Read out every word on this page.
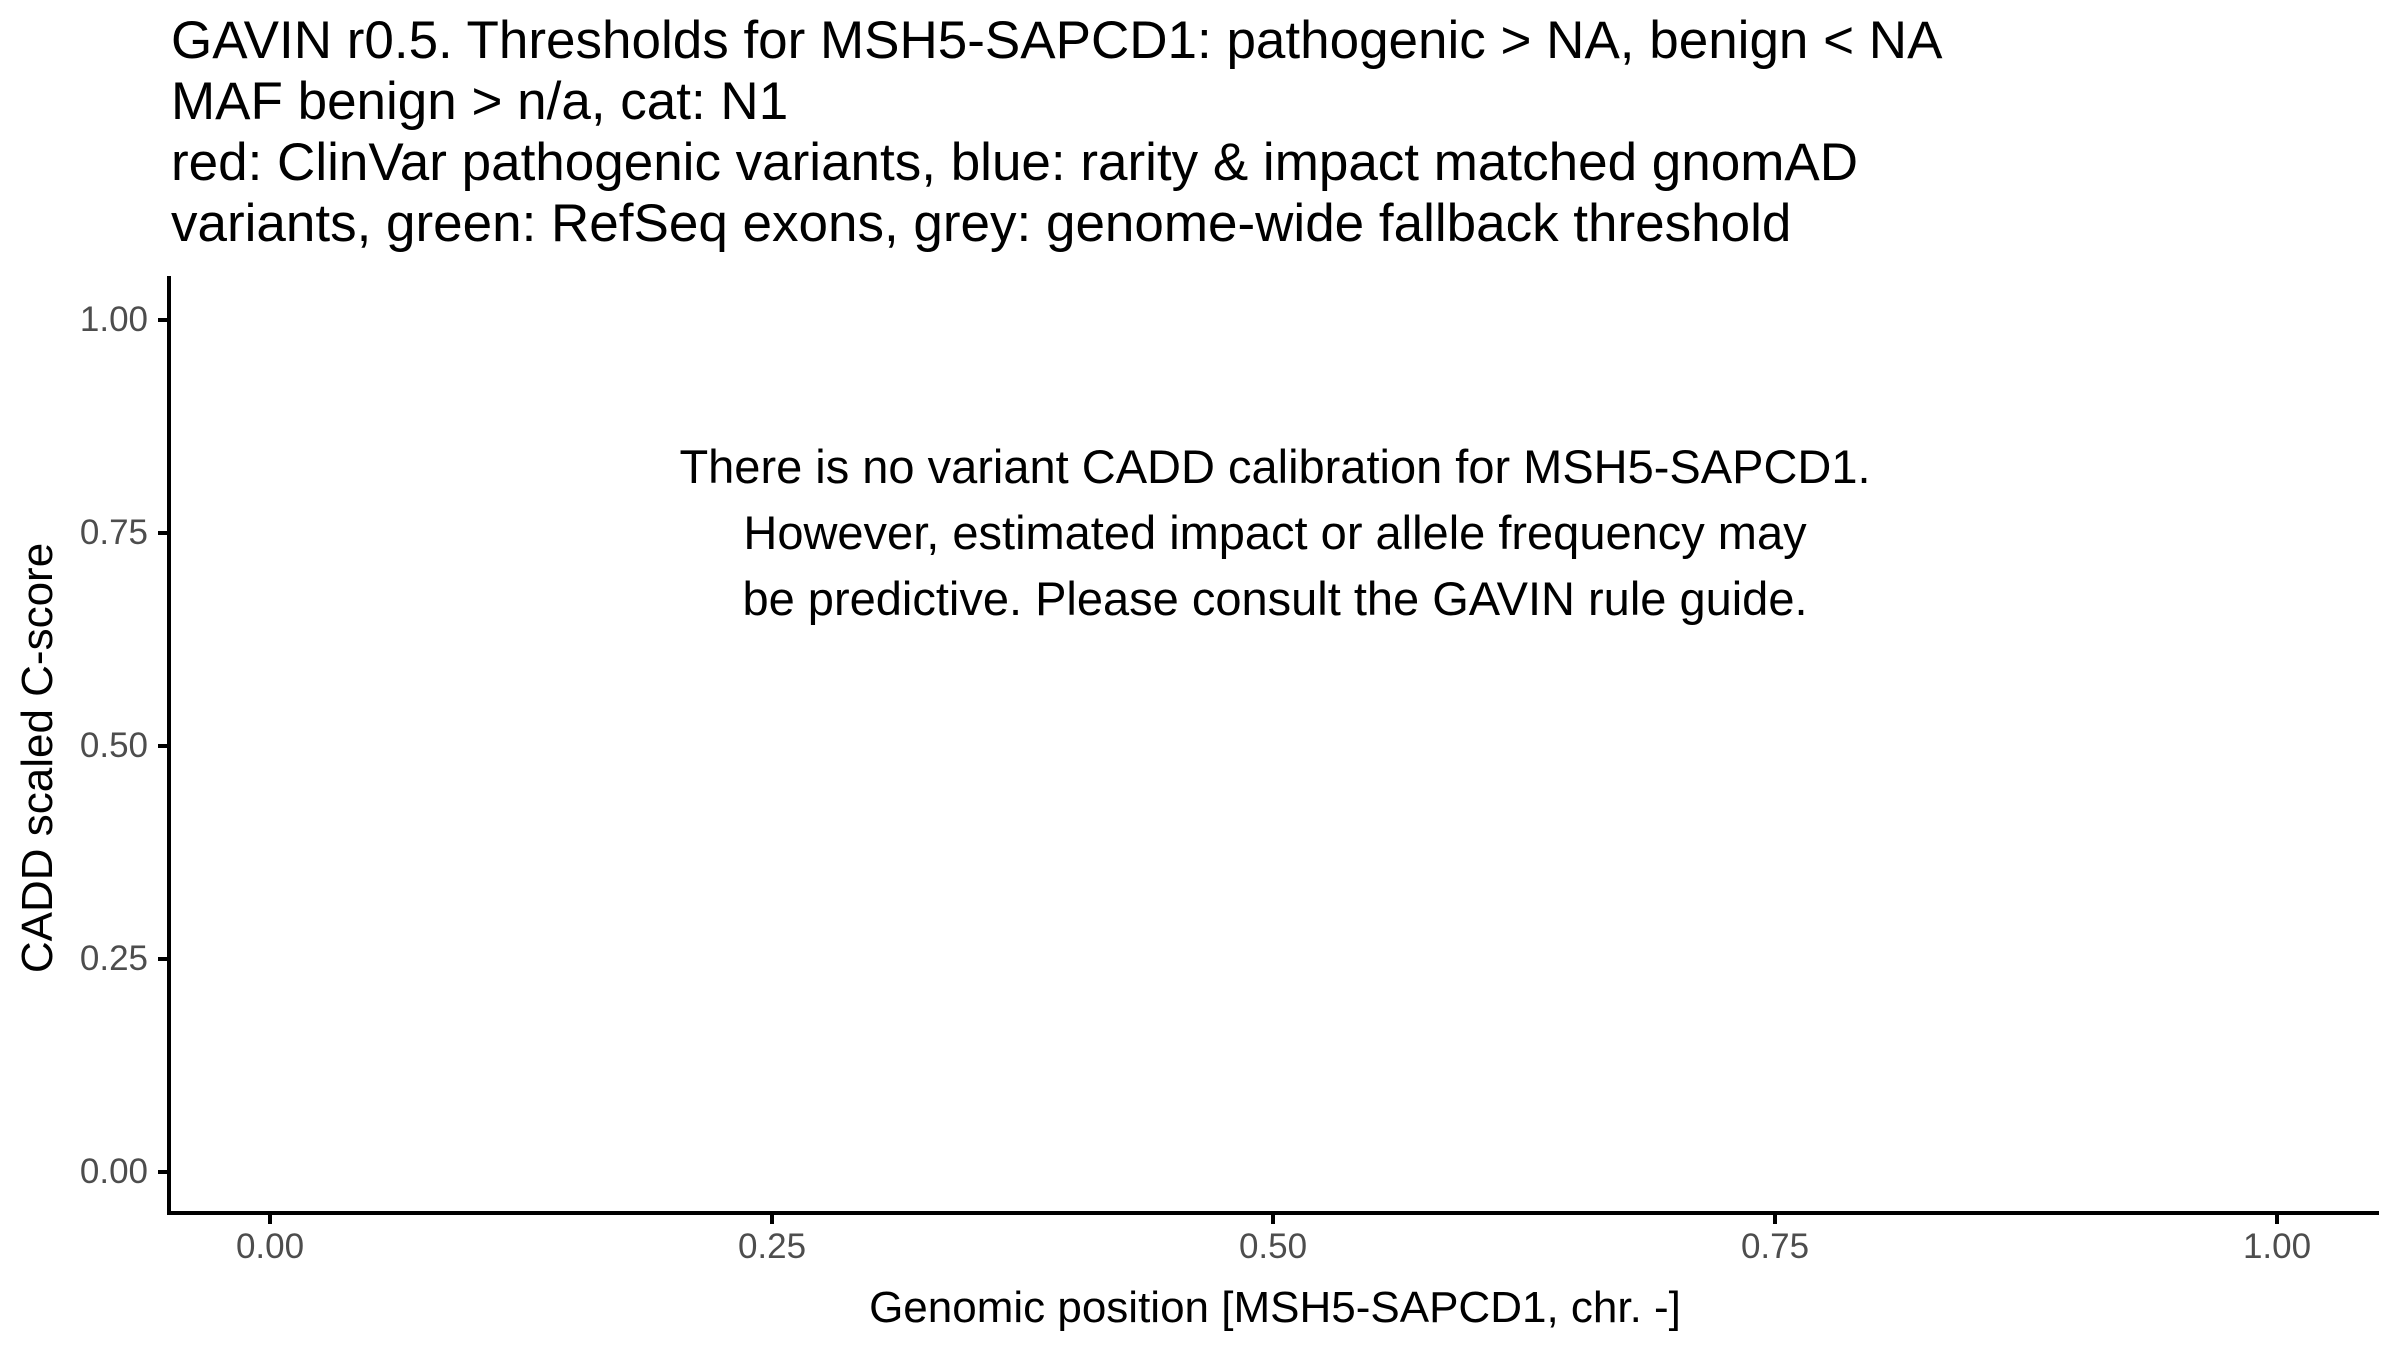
GAVIN r0.5. Thresholds for MSH5-SAPCD1: pathogenic > NA, benign < NA
MAF benign > n/a, cat: N1
red: ClinVar pathogenic variants, blue: rarity & impact matched gnomAD
variants, green: RefSeq exons, grey: genome-wide fallback threshold
1.00
0.75
0.50
0.25
0.00
0.00	0.25	0.50	0.75	1.00
Genomic position [MSH5-SAPCD1, chr. -]
CADD scaled C-score
There is no variant CADD calibration for MSH5-SAPCD1.
However, estimated impact or allele frequency may
be predictive. Please consult the GAVIN rule guide.
